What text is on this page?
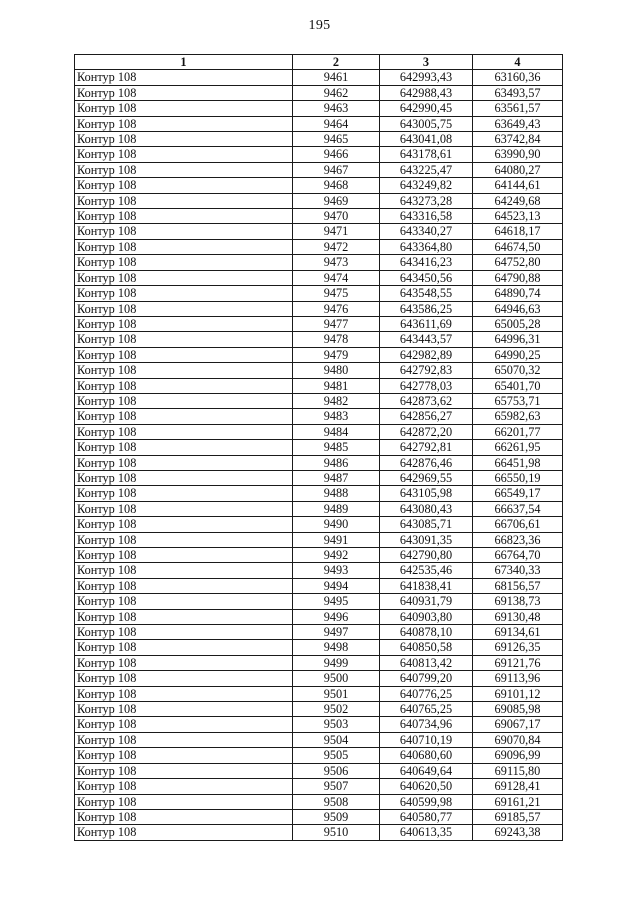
195
1	2	3	4
Контур 108	9461	642993,43	63160,36
Контур 108	9462	642988,43	63493,57
Контур 108	9463	642990,45	63561,57
Контур 108	9464	643005,75	63649,43
Контур 108	9465	643041,08	63742,84
Контур 108	9466	643178,61	63990,90
Контур 108	9467	643225,47	64080,27
Контур 108	9468	643249,82	64144,61
Контур 108	9469	643273,28	64249,68
Контур 108	9470	643316,58	64523,13
Контур 108	9471	643340,27	64618,17
Контур 108	9472	643364,80	64674,50
Контур 108	9473	643416,23	64752,80
Контур 108	9474	643450,56	64790,88
Контур 108	9475	643548,55	64890,74
Контур 108	9476	643586,25	64946,63
Контур 108	9477	643611,69	65005,28
Контур 108	9478	643443,57	64996,31
Контур 108	9479	642982,89	64990,25
Контур 108	9480	642792,83	65070,32
Контур 108	9481	642778,03	65401,70
Контур 108	9482	642873,62	65753,71
Контур 108	9483	642856,27	65982,63
Контур 108	9484	642872,20	66201,77
Контур 108	9485	642792,81	66261,95
Контур 108	9486	642876,46	66451,98
Контур 108	9487	642969,55	66550,19
Контур 108	9488	643105,98	66549,17
Контур 108	9489	643080,43	66637,54
Контур 108	9490	643085,71	66706,61
Контур 108	9491	643091,35	66823,36
Контур 108	9492	642790,80	66764,70
Контур 108	9493	642535,46	67340,33
Контур 108	9494	641838,41	68156,57
Контур 108	9495	640931,79	69138,73
Контур 108	9496	640903,80	69130,48
Контур 108	9497	640878,10	69134,61
Контур 108	9498	640850,58	69126,35
Контур 108	9499	640813,42	69121,76
Контур 108	9500	640799,20	69113,96
Контур 108	9501	640776,25	69101,12
Контур 108	9502	640765,25	69085,98
Контур 108	9503	640734,96	69067,17
Контур 108	9504	640710,19	69070,84
Контур 108	9505	640680,60	69096,99
Контур 108	9506	640649,64	69115,80
Контур 108	9507	640620,50	69128,41
Контур 108	9508	640599,98	69161,21
Контур 108	9509	640580,77	69185,57
Контур 108	9510	640613,35	69243,38
